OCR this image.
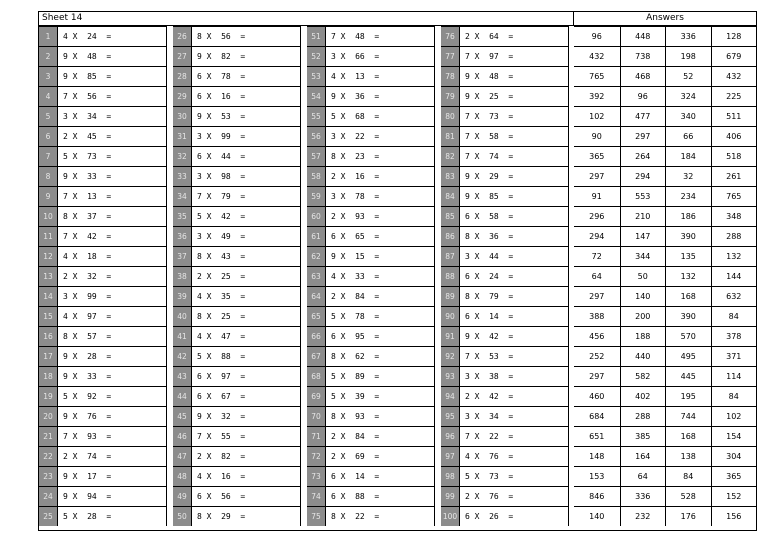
Sheet 14	Answers
1	4 X  24  =
2	9 X  48  =
3	9 X  85  =
4	7 X  56  =
5	3 X  34  =
6	2 X  45  =
7	5 X  73  =
8	9 X  33  =
9	7 X  13  =
10	8 X  37  =
11	7 X  42  =
12	4 X  18  =
13	2 X  32  =
14	3 X  99  =
15	4 X  97  =
16	8 X  57  =
17	9 X  28  =
18	9 X  33  =
19	5 X  92  =
20	9 X  76  =
21	7 X  93  =
22	2 X  74  =
23	9 X  17  =
24	9 X  94  =
25	5 X  28  =
26	8 X  56  =
27	9 X  82  =
28	6 X  78  =
29	6 X  16  =
30	9 X  53  =
31	3 X  99  =
32	6 X  44  =
33	3 X  98  =
34	7 X  79  =
35	5 X  42  =
36	3 X  49  =
37	8 X  43  =
38	2 X  25  =
39	4 X  35  =
40	8 X  25  =
41	4 X  47  =
42	5 X  88  =
43	6 X  97  =
44	6 X  67  =
45	9 X  32  =
46	7 X  55  =
47	2 X  82  =
48	4 X  16  =
49	6 X  56  =
50	8 X  29  =
51	7 X  48  =
52	3 X  66  =
53	4 X  13  =
54	9 X  36  =
55	5 X  68  =
56	3 X  22  =
57	8 X  23  =
58	2 X  16  =
59	3 X  78  =
60	2 X  93  =
61	6 X  65  =
62	9 X  15  =
63	4 X  33  =
64	2 X  84  =
65	5 X  78  =
66	6 X  95  =
67	8 X  62  =
68	5 X  89  =
69	5 X  39  =
70	8 X  93  =
71	2 X  84  =
72	2 X  69  =
73	6 X  14  =
74	6 X  88  =
75	8 X  22  =
76	2 X  64  =
77	7 X  97  =
78	9 X  48  =
79	9 X  25  =
80	7 X  73  =
81	7 X  58  =
82	7 X  74  =
83	9 X  29  =
84	9 X  85  =
85	6 X  58  =
86	8 X  36  =
87	3 X  44  =
88	6 X  24  =
89	8 X  79  =
90	6 X  14  =
91	9 X  42  =
92	7 X  53  =
93	3 X  38  =
94	2 X  42  =
95	3 X  34  =
96	7 X  22  =
97	4 X  76  =
98	5 X  73  =
99	2 X  76  =
100 6 X  26  =
96	448	336	128
432	738	198	679
765	468	52	432
392	96	324	225
102	477	340	511
90	297	66	406
365	264	184	518
297	294	32	261
91	553	234	765
296	210	186	348
294	147	390	288
72	344	135	132
64	50	132	144
297	140	168	632
388	200	390	84
456	188	570	378
252	440	495	371
297	582	445	114
460	402	195	84
684	288	744	102
651	385	168	154
148	164	138	304
153	64	84	365
846	336	528	152
140	232	176	156
